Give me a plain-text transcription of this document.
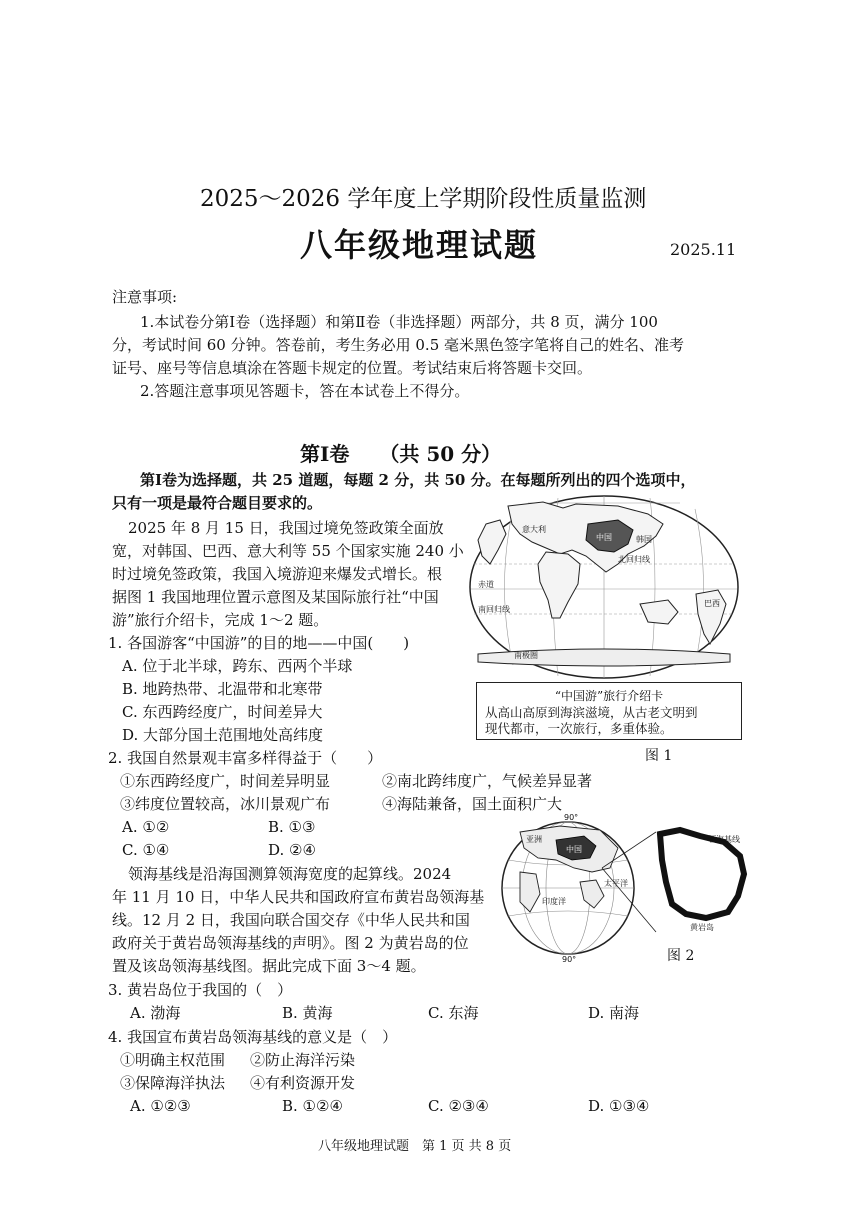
2025～2026 学年度上学期阶段性质量监测
八年级地理试题	2025.11
注意事项:
1.本试卷分第Ⅰ卷（选择题）和第Ⅱ卷（非选择题）两部分，共 8 页，满分 100
分，考试时间 60 分钟。答卷前，考生务必用 0.5 毫米黑色签字笔将自己的姓名、准考
证号、座号等信息填涂在答题卡规定的位置。考试结束后将答题卡交回。
2.答题注意事项见答题卡，答在本试卷上不得分。
第Ⅰ卷　　（共 50 分）
第Ⅰ卷为选择题，共 25 道题，每题 2 分，共 50 分。在每题所列出的四个选项中，
只有一项是最符合题目要求的。
2025 年 8 月 15 日，我国过境免签政策全面放
宽，对韩国、巴西、意大利等 55 个国家实施 240 小
时过境免签政策，我国入境游迎来爆发式增长。根
据图 1 我国地理位置示意图及某国际旅行社“中国
游”旅行介绍卡，完成 1～2 题。
1. 各国游客“中国游”的目的地——中国(　　)
A. 位于北半球，跨东、西两个半球
B. 地跨热带、北温带和北寒带
C. 东西跨经度广，时间差异大
D. 大部分国土范围地处高纬度
2. 我国自然景观丰富多样得益于（　　）
①东西跨经度广，时间差异明显	②南北跨纬度广，气候差异显著
③纬度位置较高，冰川景观广布	④海陆兼备，国土面积广大
A. ①②	B. ①③
C. ①④	D. ②④
领海基线是沿海国测算领海宽度的起算线。2024
年 11 月 10 日，中华人民共和国政府宣布黄岩岛领海基
线。12 月 2 日，我国向联合国交存《中华人民共和国
政府关于黄岩岛领海基线的声明》。图 2 为黄岩岛的位
置及该岛领海基线图。据此完成下面 3～4 题。
3. 黄岩岛位于我国的（　）
A. 渤海	B. 黄海	C. 东海	D. 南海
4. 我国宣布黄岩岛领海基线的意义是（　）
①明确主权范围 ②防止海洋污染
③保障海洋执法 ④有利资源开发
A. ①②③	B. ①②④	C. ②③④	D. ①③④
意大利
中国	韩国
北回归线
赤道
南回归线
巴西
南极圈
“中国游”旅行介绍卡
从高山高原到海滨滋境，从古老文明到
现代都市，一次旅行，多重体验。
图 1
90°
亚洲
中国
印度洋
太平洋
90°
领海基线
黄岩岛
图 2
八年级地理试题　第 1 页 共 8 页
